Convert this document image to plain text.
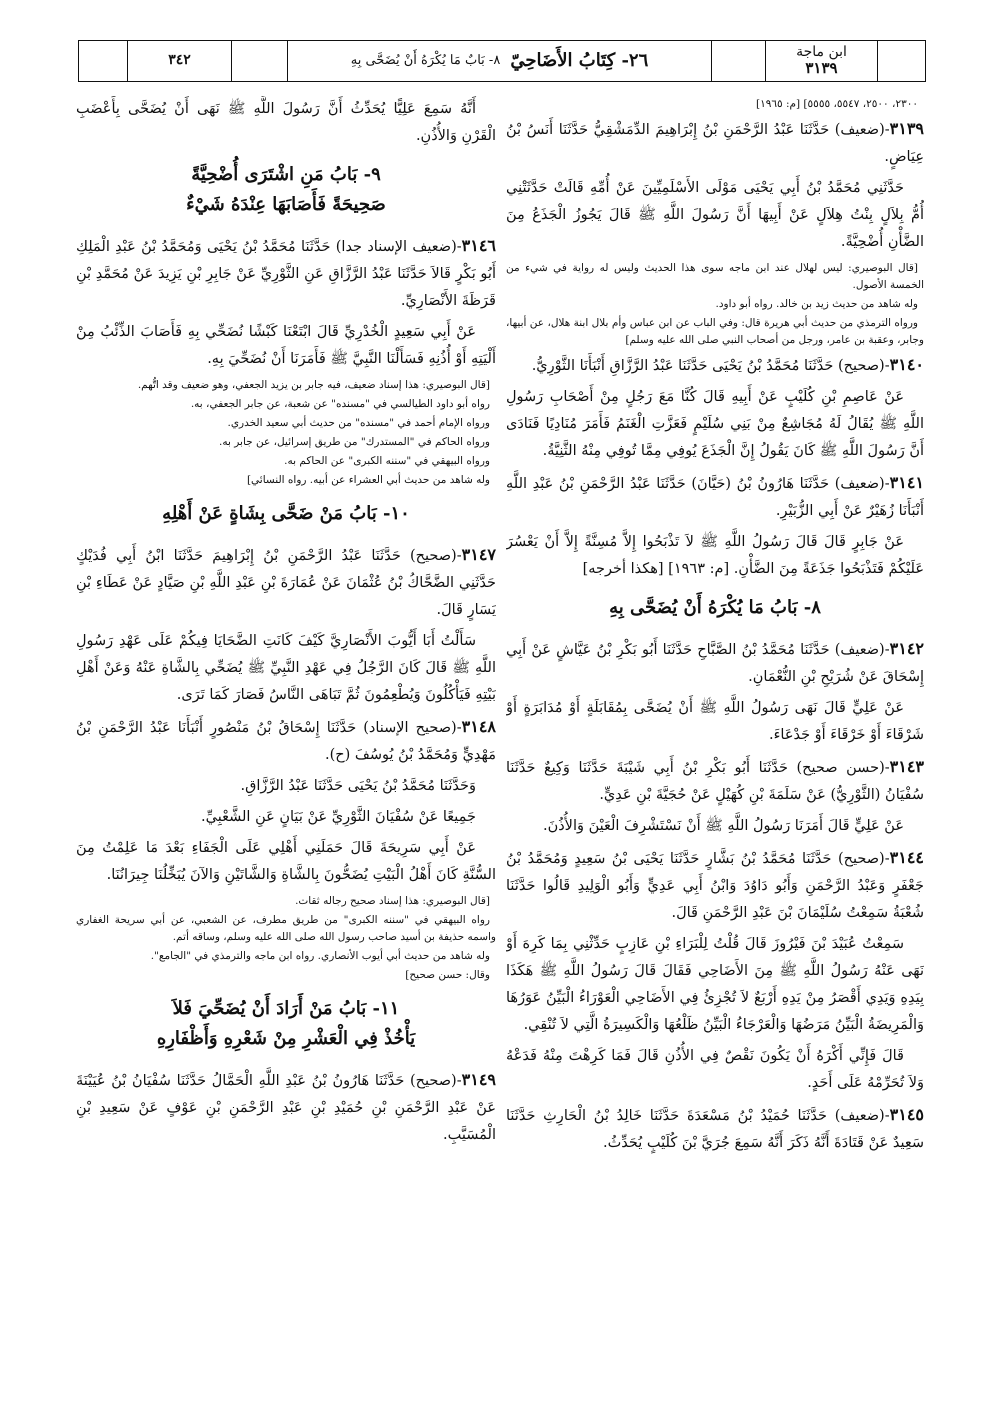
ابن ماجة
٣١٣٩
٢٦- كِتَابُ الأَضَاحِيّ
٨- بَابٌ مَا يُكْرَهُ أَنْ يُضَحَّى بِهِ
٣٤٢

٢٣٠٠، ٢٥٠٠، ٥٥٤٧، ٥٥٥٥] [م: ١٩٦٥]

٣١٣٩-(ضعيف) حَدَّثَنَا عَبْدُ الرَّحْمَنِ بْنُ إِبْرَاهِيمَ الدِّمَشْقِيُّ حَدَّثَنَا أَنَسُ بْنُ عِيَاضٍ.

حَدَّثَنِي مُحَمَّدُ بْنُ أَبِي يَحْيَى مَوْلَى الأَسْلَمِيِّينَ عَنْ أُمِّهِ قَالَتْ حَدَّثَتْنِي أُمُّ بِلاَلٍ بِنْتُ هِلاَلٍ عَنْ أَبِيهَا أَنَّ رَسُولَ اللَّهِ ﷺ قَالَ يَجُوزُ الْجَذَعُ مِنَ الضَّأْنِ أُضْحِيَّةً.

[قال البوصيري: ليس لهلال عند ابن ماجه سوى هذا الحديث وليس له رواية في شيء من الخمسة الأصول.

وله شاهد من حديث زيد بن خالد. رواه أبو داود.

ورواه الترمذي من حديث أبي هريرة قال: وفي الباب عن ابن عباس وأم بلال ابنة هلال، عن أبيها، وجابر، وعقبة بن عامر، ورجل من أصحاب النبي صلى الله عليه وسلم]

٣١٤٠-(صحيح) حَدَّثَنَا مُحَمَّدُ بْنُ يَحْيَى حَدَّثَنَا عَبْدُ الرَّزَّاقِ أَنْبَأَنَا الثَّوْرِيُّ.

عَنْ عَاصِمِ بْنِ كُلَيْبٍ عَنْ أَبِيهِ قَالَ كُنَّا مَعَ رَجُلٍ مِنْ أَصْحَابِ رَسُولِ اللَّهِ ﷺ يُقَالُ لَهُ مُجَاشِعٌ مِنْ بَنِي سُلَيْمٍ فَعَزَّتِ الْغَنَمُ فَأَمَرَ مُنَادِيًا فَنَادَى أَنَّ رَسُولَ اللَّهِ ﷺ كَانَ يَقُولُ إِنَّ الْجَذَعَ يُوفِي مِمَّا تُوفِي مِنْهُ الثَّنِيَّةُ.

٣١٤١-(ضعيف) حَدَّثَنَا هَارُونُ بْنُ (حَيَّانَ) حَدَّثَنَا عَبْدُ الرَّحْمَنِ بْنُ عَبْدِ اللَّهِ أَنْبَأَنَا زُهَيْرٌ عَنْ أَبِي الزُّبَيْرِ.

عَنْ جَابِرٍ قَالَ قَالَ رَسُولُ اللَّهِ ﷺ لاَ تَذْبَحُوا إِلاَّ مُسِنَّةً إِلاَّ أَنْ يَعْسُرَ عَلَيْكُمْ فَتَذْبَحُوا جَذَعَةً مِنَ الضَّأْنِ. [م: ١٩٦٣] [هكذا أخرجه]

٨- بَابُ مَا يُكْرَهُ أَنْ يُضَحَّى بِهِ

٣١٤٢-(ضعيف) حَدَّثَنَا مُحَمَّدُ بْنُ الصَّبَّاحِ حَدَّثَنَا أَبُو بَكْرِ بْنُ عَيَّاشٍ عَنْ أَبِي إِسْحَاقَ عَنْ شُرَيْحِ بْنِ النُّعْمَانِ.

عَنْ عَلِيٍّ قَالَ نَهَى رَسُولُ اللَّهِ ﷺ أَنْ يُضَحَّى بِمُقَابَلَةٍ أَوْ مُدَابَرَةٍ أَوْ شَرْقَاءَ أَوْ خَرْقَاءَ أَوْ جَدْعَاءَ.

٣١٤٣-(حسن صحيح) حَدَّثَنَا أَبُو بَكْرِ بْنُ أَبِي شَيْبَةَ حَدَّثَنَا وَكِيعٌ حَدَّثَنَا سُفْيَانُ (الثَّوْرِيُّ) عَنْ سَلَمَةَ بْنِ كُهَيْلٍ عَنْ حُجَيَّةَ بْنِ عَدِيٍّ.

عَنْ عَلِيٍّ قَالَ أَمَرَنَا رَسُولُ اللَّهِ ﷺ أَنْ نَسْتَشْرِفَ الْعَيْنَ وَالأُذُنَ.

٣١٤٤-(صحيح) حَدَّثَنَا مُحَمَّدُ بْنُ بَشَّارٍ حَدَّثَنَا يَحْيَى بْنُ سَعِيدٍ وَمُحَمَّدُ بْنُ جَعْفَرٍ وَعَبْدُ الرَّحْمَنِ وَأَبُو دَاوُدَ وَابْنُ أَبِي عَدِيٍّ وَأَبُو الْوَلِيدِ قَالُوا حَدَّثَنَا شُعْبَةُ سَمِعْتُ سُلَيْمَانَ بْنَ عَبْدِ الرَّحْمَنِ قَالَ.

سَمِعْتُ عُبَيْدَ بْنَ فَيْرُوزَ قَالَ قُلْتُ لِلْبَرَاءِ بْنِ عَازِبٍ حَدِّثْنِي بِمَا كَرِهَ أَوْ نَهَى عَنْهُ رَسُولُ اللَّهِ ﷺ مِنَ الأَضَاحِي فَقَالَ قَالَ رَسُولُ اللَّهِ ﷺ هَكَذَا بِيَدِهِ وَيَدِي أَقْصَرُ مِنْ يَدِهِ أَرْبَعٌ لاَ تُجْزِئُ فِي الأَضَاحِي الْعَوْرَاءُ الْبَيِّنُ عَوَرُهَا وَالْمَرِيضَةُ الْبَيِّنُ مَرَضُهَا وَالْعَرْجَاءُ الْبَيِّنُ ظَلْعُهَا وَالْكَسِيرَةُ الَّتِي لاَ تُنْقِي.

قَالَ فَإِنِّي أَكْرَهُ أَنْ يَكُونَ نَقْصٌ فِي الأُذُنِ قَالَ فَمَا كَرِهْتَ مِنْهُ فَدَعْهُ وَلاَ تُحَرِّمْهُ عَلَى أَحَدٍ.

٣١٤٥-(ضعيف) حَدَّثَنَا حُمَيْدُ بْنُ مَسْعَدَةَ حَدَّثَنَا خَالِدُ بْنُ الْحَارِثِ حَدَّثَنَا سَعِيدٌ عَنْ قَتَادَةَ أَنَّهُ ذَكَرَ أَنَّهُ سَمِعَ جُرَيَّ بْنَ كُلَيْبٍ يُحَدِّثُ.

أَنَّهُ سَمِعَ عَلِيًّا يُحَدِّثُ أَنَّ رَسُولَ اللَّهِ ﷺ نَهَى أَنْ يُضَحَّى بِأَعْضَبِ الْقَرْنِ وَالأُذُنِ.

٩- بَابُ مَنِ اشْتَرَى أُضْحِيَّةً
صَحِيحَةً فَأَصَابَهَا عِنْدَهُ شَيْءٌ

٣١٤٦-(ضعيف الإسناد جدا) حَدَّثَنَا مُحَمَّدُ بْنُ يَحْيَى وَمُحَمَّدُ بْنُ عَبْدِ الْمَلِكِ أَبُو بَكْرٍ قَالاَ حَدَّثَنَا عَبْدُ الرَّزَّاقِ عَنِ الثَّوْرِيِّ عَنْ جَابِرِ بْنِ يَزِيدَ عَنْ مُحَمَّدِ بْنِ قَرَظَةَ الأَنْصَارِيِّ.

عَنْ أَبِي سَعِيدٍ الْخُدْرِيِّ قَالَ ابْتَعْنَا كَبْشًا نُضَحِّي بِهِ فَأَصَابَ الذِّئْبُ مِنْ أَلْيَتِهِ أَوْ أُذُنِهِ فَسَأَلْنَا النَّبِيَّ ﷺ فَأَمَرَنَا أَنْ نُضَحِّيَ بِهِ.

[قال البوصيري: هذا إسناد ضعيف، فيه جابر بن يزيد الجعفي، وهو ضعيف وقد اتُّهم.

رواه أبو داود الطيالسي في "مسنده" عن شعبة، عن جابر الجعفي، به.

ورواه الإمام أحمد في "مسنده" من حديث أبي سعيد الخدري.

ورواه الحاكم في "المستدرك" من طريق إسرائيل، عن جابر به.

ورواه البيهقي في "سننه الكبرى" عن الحاكم به.

وله شاهد من حديث أبي العشراء عن أبيه. رواه النسائي]

١٠- بَابُ مَنْ ضَحَّى بِشَاةٍ عَنْ أَهْلِهِ

٣١٤٧-(صحيح) حَدَّثَنَا عَبْدُ الرَّحْمَنِ بْنُ إِبْرَاهِيمَ حَدَّثَنَا ابْنُ أَبِي فُدَيْكٍ حَدَّثَنِي الضَّحَّاكُ بْنُ عُثْمَانَ عَنْ عُمَارَةَ بْنِ عَبْدِ اللَّهِ بْنِ صَيَّادٍ عَنْ عَطَاءِ بْنِ يَسَارٍ قَالَ.

سَأَلْتُ أَبَا أَيُّوبَ الأَنْصَارِيَّ كَيْفَ كَانَتِ الضَّحَايَا فِيكُمْ عَلَى عَهْدِ رَسُولِ اللَّهِ ﷺ قَالَ كَانَ الرَّجُلُ فِي عَهْدِ النَّبِيِّ ﷺ يُضَحِّي بِالشَّاةِ عَنْهُ وَعَنْ أَهْلِ بَيْتِهِ فَيَأْكُلُونَ وَيُطْعِمُونَ ثُمَّ تَبَاهَى النَّاسُ فَصَارَ كَمَا تَرَى.

٣١٤٨-(صحيح الإسناد) حَدَّثَنَا إِسْحَاقُ بْنُ مَنْصُورٍ أَنْبَأَنَا عَبْدُ الرَّحْمَنِ بْنُ مَهْدِيٍّ وَمُحَمَّدُ بْنُ يُوسُفَ (ح).

وَحَدَّثَنَا مُحَمَّدُ بْنُ يَحْيَى حَدَّثَنَا عَبْدُ الرَّزَّاقِ.

جَمِيعًا عَنْ سُفْيَانَ الثَّوْرِيِّ عَنْ بَيَانٍ عَنِ الشَّعْبِيِّ.

عَنْ أَبِي سَرِيحَةَ قَالَ حَمَلَنِي أَهْلِي عَلَى الْجَفَاءِ بَعْدَ مَا عَلِمْتُ مِنَ السُّنَّةِ كَانَ أَهْلُ الْبَيْتِ يُضَحُّونَ بِالشَّاةِ وَالشَّاتَيْنِ وَالآنَ يُبَخِّلُنَا جِيرَانُنَا.

[قال البوصيري: هذا إسناد صحيح رجاله ثقات.

رواه البيهقي في "سننه الكبرى" من طريق مطرف، عن الشعبي، عن أبي سريحة الغفاري واسمه حذيفة بن أسيد صاحب رسول الله صلى الله عليه وسلم، وساقه أتم.

وله شاهد من حديث أبي أيوب الأنصاري. رواه ابن ماجه والترمذي في "الجامع".

وقال: حسن صحيح]

١١- بَابُ مَنْ أَرَادَ أَنْ يُضَحِّيَ فَلاَ
يَأْخُذْ فِي الْعَشْرِ مِنْ شَعْرِهِ وَأَظْفَارِهِ

٣١٤٩-(صحيح) حَدَّثَنَا هَارُونُ بْنُ عَبْدِ اللَّهِ الْحَمَّالُ حَدَّثَنَا سُفْيَانُ بْنُ عُيَيْنَةَ عَنْ عَبْدِ الرَّحْمَنِ بْنِ حُمَيْدِ بْنِ عَبْدِ الرَّحْمَنِ بْنِ عَوْفٍ عَنْ سَعِيدِ بْنِ الْمُسَيَّبِ.
